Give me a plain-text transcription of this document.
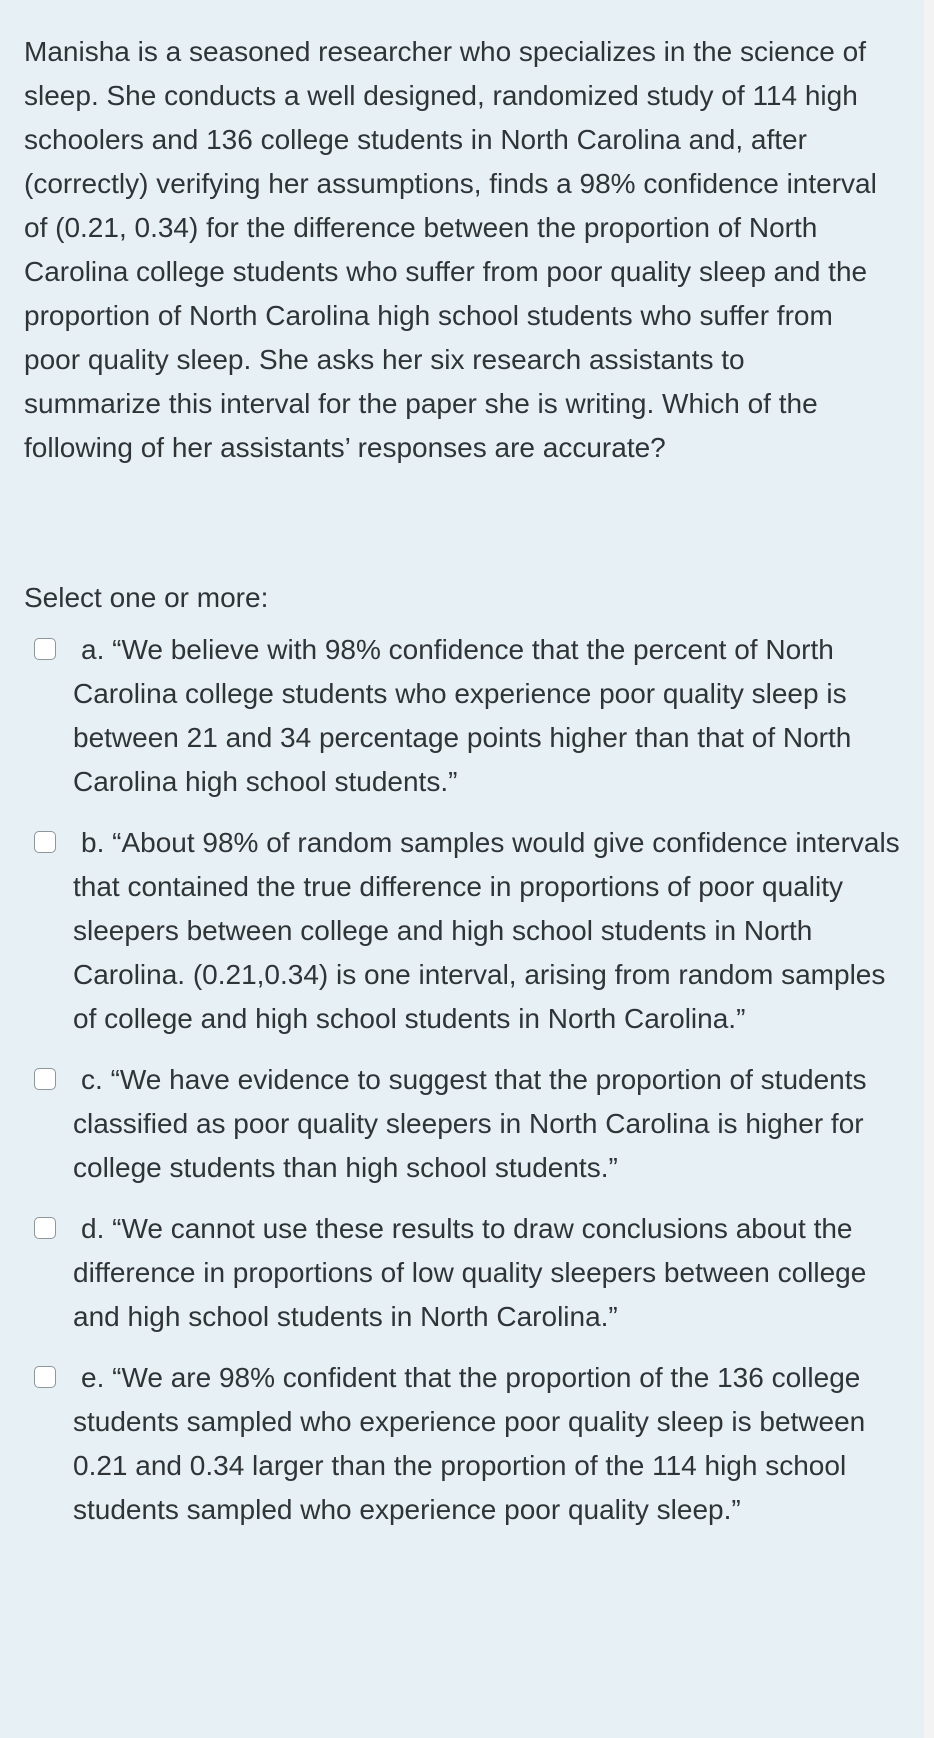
Manisha is a seasoned researcher who specializes in the science of sleep. She conducts a well designed, randomized study of 114 high schoolers and 136 college students in North Carolina and, after (correctly) verifying her assumptions, finds a 98% confidence interval of (0.21, 0.34) for the difference between the proportion of North Carolina college students who suffer from poor quality sleep and the proportion of North Carolina high school students who suffer from poor quality sleep. She asks her six research assistants to summarize this interval for the paper she is writing. Which of the following of her assistants’ responses are accurate?

Select one or more:
a. “We believe with 98% confidence that the percent of North Carolina college students who experience poor quality sleep is between 21 and 34 percentage points higher than that of North Carolina high school students.”
b. “About 98% of random samples would give confidence intervals that contained the true difference in proportions of poor quality sleepers between college and high school students in North Carolina. (0.21,0.34) is one interval, arising from random samples of college and high school students in North Carolina.”
c. “We have evidence to suggest that the proportion of students classified as poor quality sleepers in North Carolina is higher for college students than high school students.”
d. “We cannot use these results to draw conclusions about the difference in proportions of low quality sleepers between college and high school students in North Carolina.”
e. “We are 98% confident that the proportion of the 136 college students sampled who experience poor quality sleep is between 0.21 and 0.34 larger than the proportion of the 114 high school students sampled who experience poor quality sleep.”
